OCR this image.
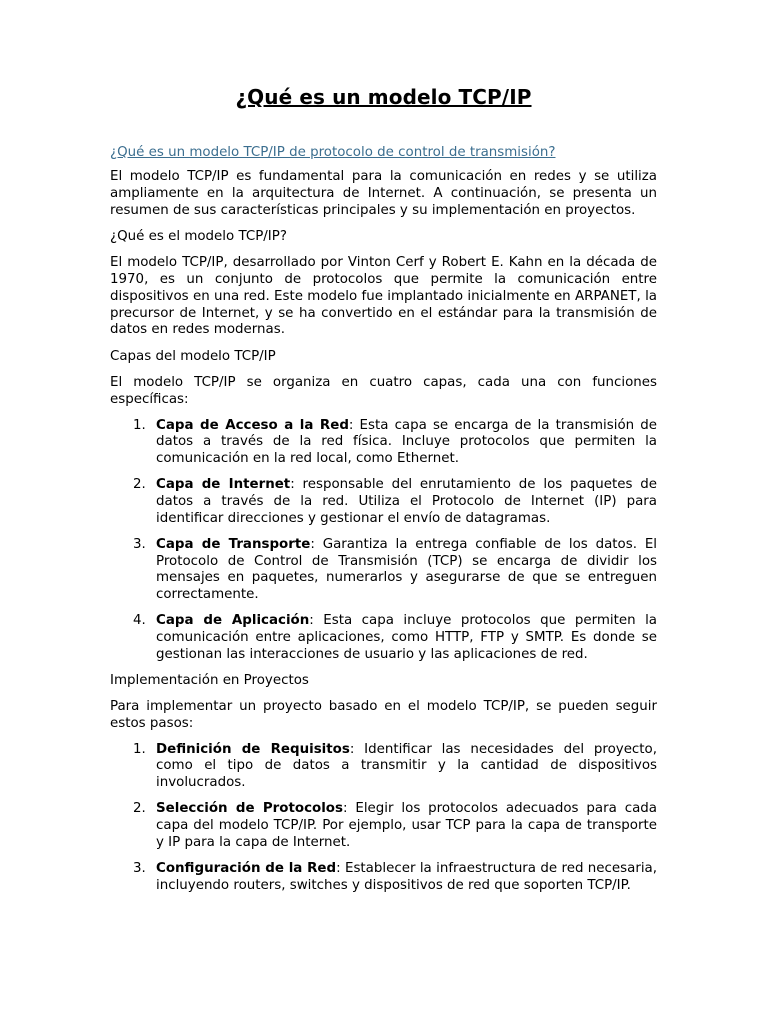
¿Qué es un modelo TCP/IP
¿Qué es un modelo TCP/IP de protocolo de control de transmisión?

El modelo TCP/IP es fundamental para la comunicación en redes y se utiliza ampliamente en la arquitectura de Internet. A continuación, se presenta un resumen de sus características principales y su implementación en proyectos.

¿Qué es el modelo TCP/IP?

El modelo TCP/IP, desarrollado por Vinton Cerf y Robert E. Kahn en la década de 1970, es un conjunto de protocolos que permite la comunicación entre dispositivos en una red. Este modelo fue implantado inicialmente en ARPANET, la precursor de Internet, y se ha convertido en el estándar para la transmisión de datos en redes modernas.

Capas del modelo TCP/IP

El modelo TCP/IP se organiza en cuatro capas, cada una con funciones específicas:

1. Capa de Acceso a la Red: Esta capa se encarga de la transmisión de datos a través de la red física. Incluye protocolos que permiten la comunicación en la red local, como Ethernet.
2. Capa de Internet: responsable del enrutamiento de los paquetes de datos a través de la red. Utiliza el Protocolo de Internet (IP) para identificar direcciones y gestionar el envío de datagramas.
3. Capa de Transporte: Garantiza la entrega confiable de los datos. El Protocolo de Control de Transmisión (TCP) se encarga de dividir los mensajes en paquetes, numerarlos y asegurarse de que se entreguen correctamente.
4. Capa de Aplicación: Esta capa incluye protocolos que permiten la comunicación entre aplicaciones, como HTTP, FTP y SMTP. Es donde se gestionan las interacciones de usuario y las aplicaciones de red.

Implementación en Proyectos

Para implementar un proyecto basado en el modelo TCP/IP, se pueden seguir estos pasos:

1. Definición de Requisitos: Identificar las necesidades del proyecto, como el tipo de datos a transmitir y la cantidad de dispositivos involucrados.
2. Selección de Protocolos: Elegir los protocolos adecuados para cada capa del modelo TCP/IP. Por ejemplo, usar TCP para la capa de transporte y IP para la capa de Internet.
3. Configuración de la Red: Establecer la infraestructura de red necesaria, incluyendo routers, switches y dispositivos de red que soporten TCP/IP.
